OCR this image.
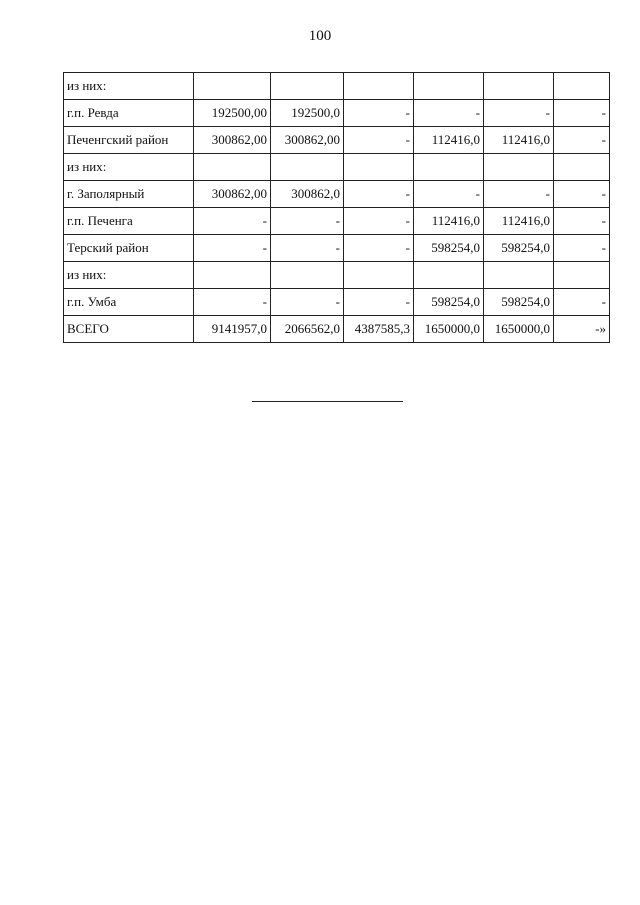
100
из них:						
г.п. Ревда	192500,00	192500,0	-	-	-	-
Печенгский район	300862,00	300862,00	-	112416,0	112416,0	-
из них:						
г. Заполярный	300862,00	300862,0	-	-	-	-
г.п. Печенга	-	-	-	112416,0	112416,0	-
Терский район	-	-	-	598254,0	598254,0	-
из них:						
г.п. Умба	-	-	-	598254,0	598254,0	-
ВСЕГО	9141957,0	2066562,0	4387585,3	1650000,0	1650000,0	-»
